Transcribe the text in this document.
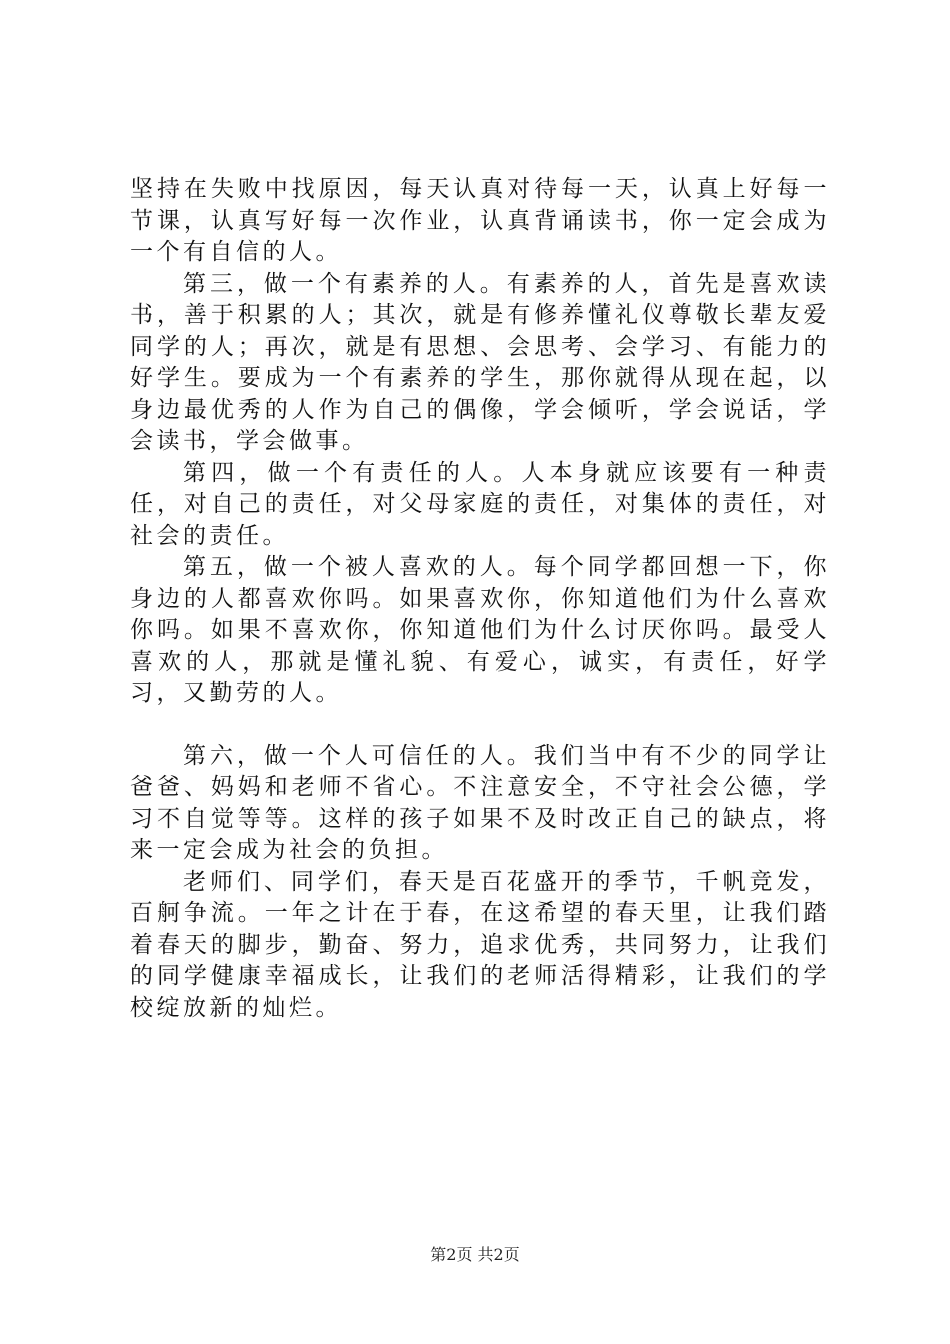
坚持在失败中找原因，每天认真对待每一天，认真上好每一节课，认真写好每一次作业，认真背诵读书，你一定会成为一个有自信的人。

第三，做一个有素养的人。有素养的人，首先是喜欢读书，善于积累的人；其次，就是有修养懂礼仪尊敬长辈友爱同学的人；再次，就是有思想、会思考、会学习、有能力的好学生。要成为一个有素养的学生，那你就得从现在起，以身边最优秀的人作为自己的偶像，学会倾听，学会说话，学会读书，学会做事。

第四，做一个有责任的人。人本身就应该要有一种责任，对自己的责任，对父母家庭的责任，对集体的责任，对社会的责任。

第五，做一个被人喜欢的人。每个同学都回想一下，你身边的人都喜欢你吗。如果喜欢你，你知道他们为什么喜欢你吗。如果不喜欢你，你知道他们为什么讨厌你吗。最受人喜欢的人，那就是懂礼貌、有爱心，诚实，有责任，好学习，又勤劳的人。

第六，做一个人可信任的人。我们当中有不少的同学让爸爸、妈妈和老师不省心。不注意安全，不守社会公德，学习不自觉等等。这样的孩子如果不及时改正自己的缺点，将来一定会成为社会的负担。

老师们、同学们，春天是百花盛开的季节，千帆竞发，百舸争流。一年之计在于春，在这希望的春天里，让我们踏着春天的脚步，勤奋、努力，追求优秀，共同努力，让我们的同学健康幸福成长，让我们的老师活得精彩，让我们的学校绽放新的灿烂。

第2页 共2页
